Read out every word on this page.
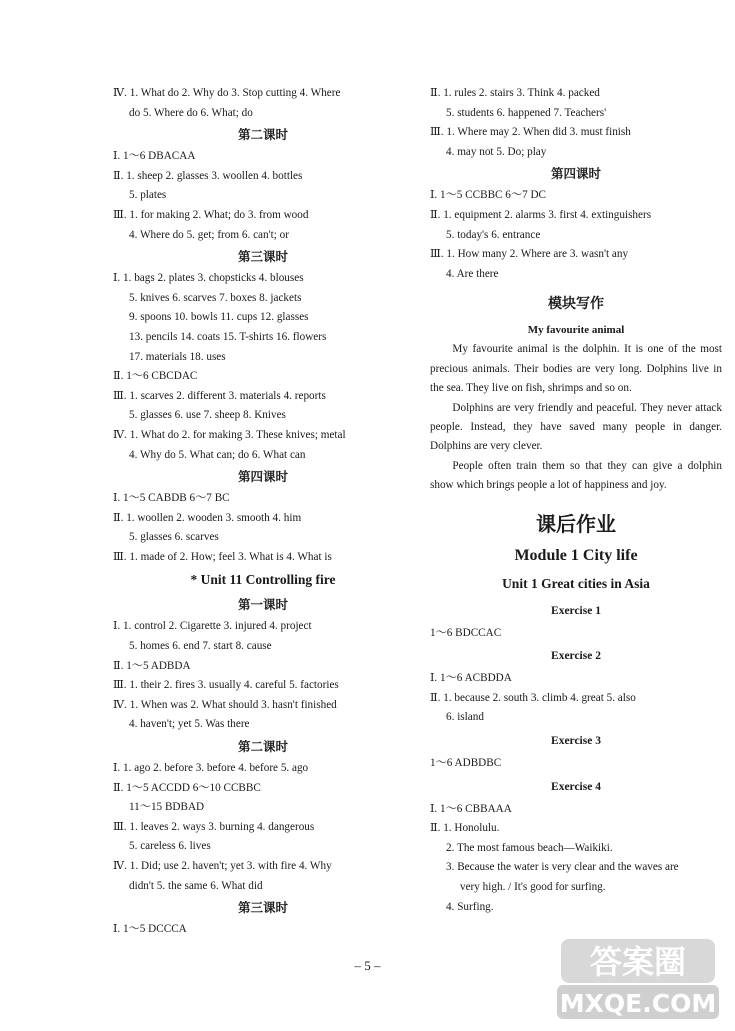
Ⅳ. 1. What do 2. Why do 3. Stop cutting 4. Where
do 5. Where do 6. What; do
第二课时
Ⅰ. 1～6 DBACAA
Ⅱ. 1. sheep 2. glasses 3. woollen 4. bottles
5. plates
Ⅲ. 1. for making 2. What; do 3. from wood
4. Where do 5. get; from 6. can't; or
第三课时
Ⅰ. 1. bags 2. plates 3. chopsticks 4. blouses
5. knives 6. scarves 7. boxes 8. jackets
9. spoons 10. bowls 11. cups 12. glasses
13. pencils 14. coats 15. T-shirts 16. flowers
17. materials 18. uses
Ⅱ. 1～6 CBCDAC
Ⅲ. 1. scarves 2. different 3. materials 4. reports
5. glasses 6. use 7. sheep 8. Knives
Ⅳ. 1. What do 2. for making 3. These knives; metal
4. Why do 5. What can; do 6. What can
第四课时
Ⅰ. 1～5 CABDB 6～7 BC
Ⅱ. 1. woollen 2. wooden 3. smooth 4. him
5. glasses 6. scarves
Ⅲ. 1. made of 2. How; feel 3. What is 4. What is
* Unit 11 Controlling fire
第一课时
Ⅰ. 1. control 2. Cigarette 3. injured 4. project
5. homes 6. end 7. start 8. cause
Ⅱ. 1～5 ADBDA
Ⅲ. 1. their 2. fires 3. usually 4. careful 5. factories
Ⅳ. 1. When was 2. What should 3. hasn't finished
4. haven't; yet 5. Was there
第二课时
Ⅰ. 1. ago 2. before 3. before 4. before 5. ago
Ⅱ. 1～5 ACCDD 6～10 CCBBC
11～15 BDBAD
Ⅲ. 1. leaves 2. ways 3. burning 4. dangerous
5. careless 6. lives
Ⅳ. 1. Did; use 2. haven't; yet 3. with fire 4. Why
didn't 5. the same 6. What did
第三课时
Ⅰ. 1～5 DCCCA
Ⅱ. 1. rules 2. stairs 3. Think 4. packed
5. students 6. happened 7. Teachers'
Ⅲ. 1. Where may 2. When did 3. must finish
4. may not 5. Do; play
第四课时
Ⅰ. 1～5 CCBBC 6～7 DC
Ⅱ. 1. equipment 2. alarms 3. first 4. extinguishers
5. today's 6. entrance
Ⅲ. 1. How many 2. Where are 3. wasn't any
4. Are there
模块写作
My favourite animal
My favourite animal is the dolphin. It is one of the most precious animals. Their bodies are very long. Dolphins live in the sea. They live on fish, shrimps and so on.
Dolphins are very friendly and peaceful. They never attack people. Instead, they have saved many people in danger. Dolphins are very clever.
People often train them so that they can give a dolphin show which brings people a lot of happiness and joy.
课后作业
Module 1 City life
Unit 1 Great cities in Asia
Exercise 1
1～6 BDCCAC
Exercise 2
Ⅰ. 1～6 ACBDDA
Ⅱ. 1. because 2. south 3. climb 4. great 5. also
6. island
Exercise 3
1～6 ADBDBC
Exercise 4
Ⅰ. 1～6 CBBAAA
Ⅱ. 1. Honolulu.
2. The most famous beach—Waikiki.
3. Because the water is very clear and the waves are
very high. / It's good for surfing.
4. Surfing.
– 5 –	答案圈
MXQE.COM
